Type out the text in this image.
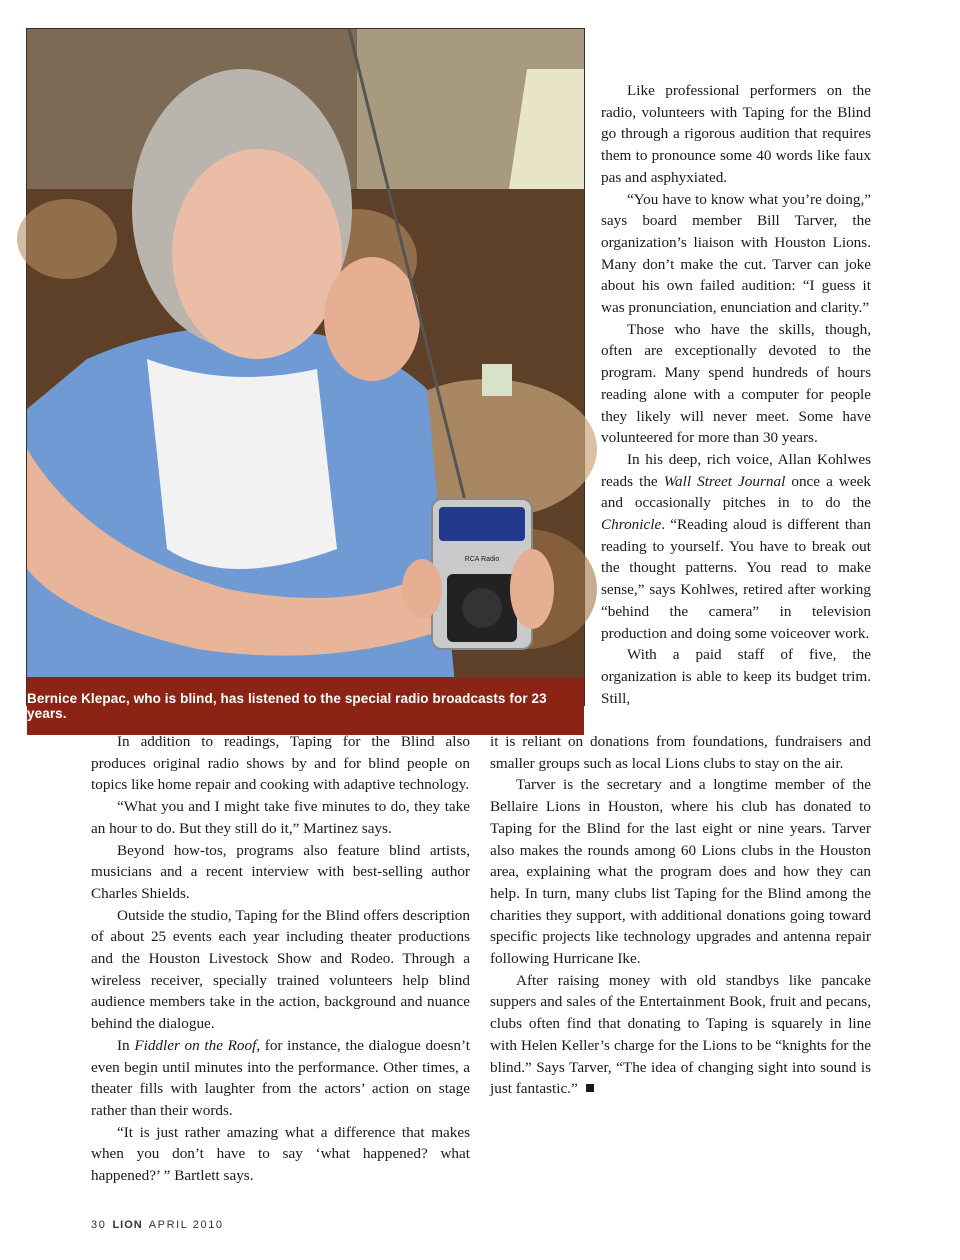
RCA Radio
Bernice Klepac, who is blind, has listened to the special radio broadcasts for 23 years.

Like professional performers on the radio, volunteers with Taping for the Blind go through a rigorous audition that requires them to pronounce some 40 words like faux pas and asphyxiated.

“You have to know what you’re doing,” says board member Bill Tarver, the organization’s liaison with Houston Lions. Many don’t make the cut. Tarver can joke about his own failed audition: “I guess it was pronunciation, enunciation and clarity.”

Those who have the skills, though, often are exceptionally devoted to the program. Many spend hundreds of hours reading alone with a computer for people they likely will never meet. Some have volunteered for more than 30 years.

In his deep, rich voice, Allan Kohlwes reads the Wall Street Journal once a week and occasionally pitches in to do the Chronicle. “Reading aloud is different than reading to yourself. You have to break out the thought patterns. You read to make sense,” says Kohlwes, retired after working “behind the camera” in television production and doing some voiceover work.

With a paid staff of five, the organization is able to keep its budget trim. Still,

In addition to readings, Taping for the Blind also produces original radio shows by and for blind people on topics like home repair and cooking with adaptive technology.

“What you and I might take five minutes to do, they take an hour to do. But they still do it,” Martinez says.

Beyond how-tos, programs also feature blind artists, musicians and a recent interview with best-selling author Charles Shields.

Outside the studio, Taping for the Blind offers description of about 25 events each year including theater productions and the Houston Livestock Show and Rodeo. Through a wireless receiver, specially trained volunteers help blind audience members take in the action, background and nuance behind the dialogue.

In Fiddler on the Roof, for instance, the dialogue doesn’t even begin until minutes into the performance. Other times, a theater fills with laughter from the actors’ action on stage rather than their words.

“It is just rather amazing what a difference that makes when you don’t have to say ‘what happened? what happened?’ ” Bartlett says.

it is reliant on donations from foundations, fundraisers and smaller groups such as local Lions clubs to stay on the air.

Tarver is the secretary and a longtime member of the Bellaire Lions in Houston, where his club has donated to Taping for the Blind for the last eight or nine years. Tarver also makes the rounds among 60 Lions clubs in the Houston area, explaining what the program does and how they can help. In turn, many clubs list Taping for the Blind among the charities they support, with additional donations going toward specific projects like technology upgrades and antenna repair following Hurricane Ike.

After raising money with old standbys like pancake suppers and sales of the Entertainment Book, fruit and pecans, clubs often find that donating to Taping is squarely in line with Helen Keller’s charge for the Lions to be “knights for the blind.” Says Tarver, “The idea of changing sight into sound is just fantastic.”

30 LION APRIL 2010
